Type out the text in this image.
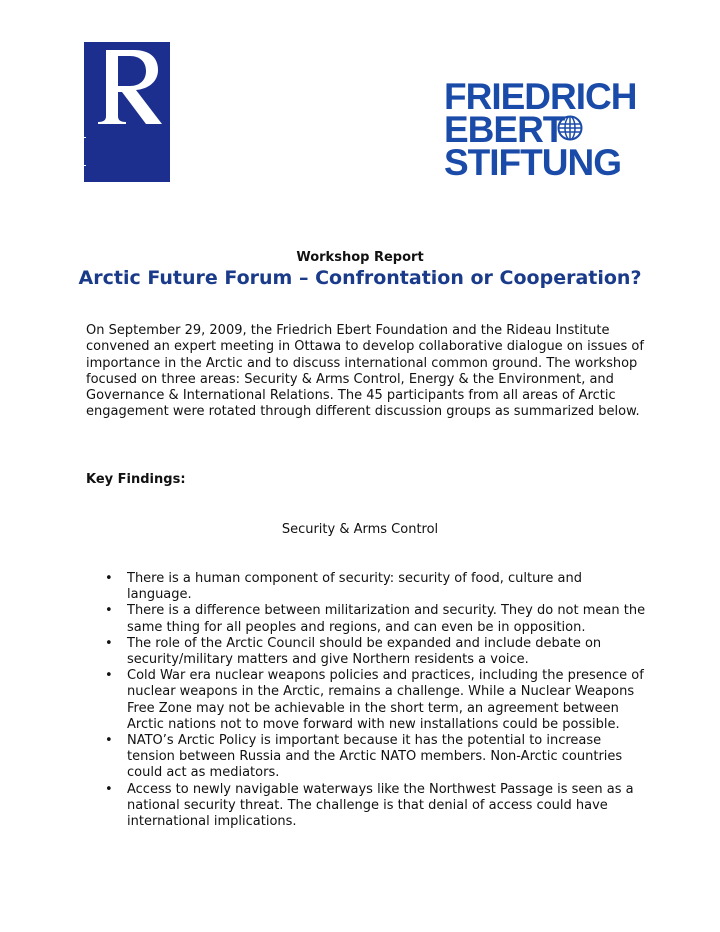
INSTITUT
RIDEAU
INSTITUTE
FRIEDRICH
EBERT
STIFTUNG
Workshop Report
Arctic Future Forum – Confrontation or Cooperation?

On September 29, 2009, the Friedrich Ebert Foundation and the Rideau Institute convened an expert meeting in Ottawa to develop collaborative dialogue on issues of importance in the Arctic and to discuss international common ground. The workshop focused on three areas: Security & Arms Control, Energy & the Environment, and Governance & International Relations. The 45 participants from all areas of Arctic engagement were rotated through different discussion groups as summarized below.

Key Findings:

Security & Arms Control
• There is a human component of security: security of food, culture and language.
• There is a difference between militarization and security. They do not mean the same thing for all peoples and regions, and can even be in opposition.
• The role of the Arctic Council should be expanded and include debate on security/military matters and give Northern residents a voice.
• Cold War era nuclear weapons policies and practices, including the presence of nuclear weapons in the Arctic, remains a challenge. While a Nuclear Weapons Free Zone may not be achievable in the short term, an agreement between Arctic nations not to move forward with new installations could be possible.
• NATO’s Arctic Policy is important because it has the potential to increase tension between Russia and the Arctic NATO members. Non-Arctic countries could act as mediators.
• Access to newly navigable waterways like the Northwest Passage is seen as a national security threat. The challenge is that denial of access could have international implications.
